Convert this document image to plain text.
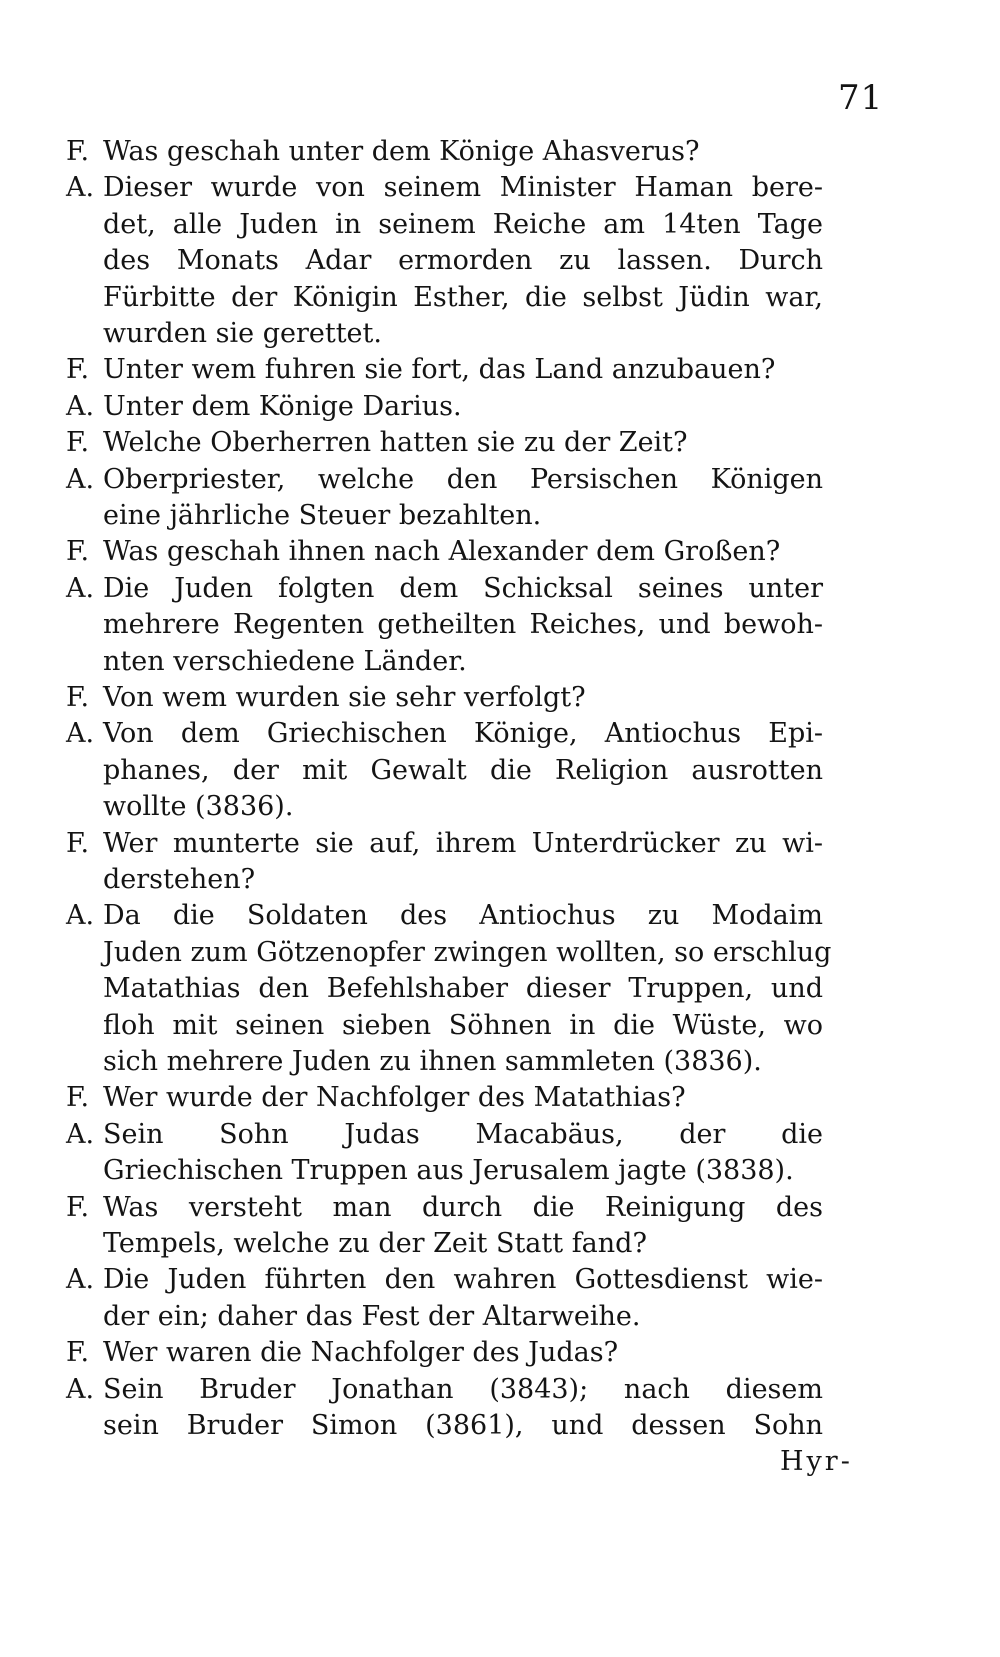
71
F. Was geschah unter dem Könige Ahasverus?
A. Dieser wurde von seinem Minister Haman bere-
det, alle Juden in seinem Reiche am 14ten Tage
des Monats Adar ermorden zu lassen. Durch
Fürbitte der Königin Esther, die selbst Jüdin war,
wurden sie gerettet.
F. Unter wem fuhren sie fort, das Land anzubauen?
A. Unter dem Könige Darius.
F. Welche Oberherren hatten sie zu der Zeit?
A. Oberpriester, welche den Persischen Königen
eine jährliche Steuer bezahlten.
F. Was geschah ihnen nach Alexander dem Großen?
A. Die Juden folgten dem Schicksal seines unter
mehrere Regenten getheilten Reiches, und bewoh-
nten verschiedene Länder.
F. Von wem wurden sie sehr verfolgt?
A. Von dem Griechischen Könige, Antiochus Epi-
phanes, der mit Gewalt die Religion ausrotten
wollte (3836).
F. Wer munterte sie auf, ihrem Unterdrücker zu wi-
derstehen?
A. Da die Soldaten des Antiochus zu Modaim
Juden zum Götzenopfer zwingen wollten, so erschlug
Matathias den Befehlshaber dieser Truppen, und
floh mit seinen sieben Söhnen in die Wüste, wo
sich mehrere Juden zu ihnen sammleten (3836).
F. Wer wurde der Nachfolger des Matathias?
A. Sein Sohn Judas Macabäus, der die
Griechischen Truppen aus Jerusalem jagte (3838).
F. Was versteht man durch die Reinigung des
Tempels, welche zu der Zeit Statt fand?
A. Die Juden führten den wahren Gottesdienst wie-
der ein; daher das Fest der Altarweihe.
F. Wer waren die Nachfolger des Judas?
A. Sein Bruder Jonathan (3843); nach diesem
sein Bruder Simon (3861), und dessen Sohn
Hyr-
